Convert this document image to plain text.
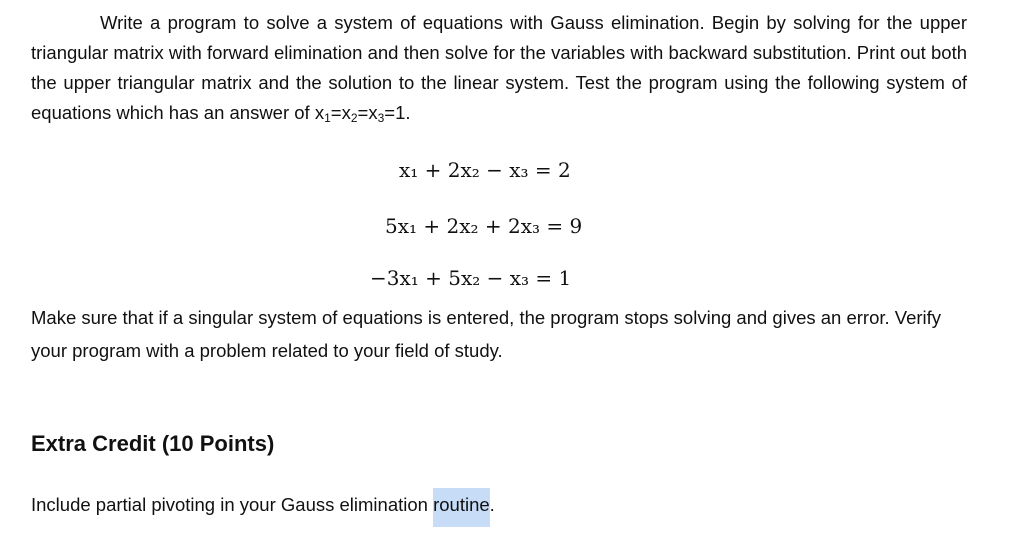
Write a program to solve a system of equations with Gauss elimination. Begin by solving for the upper triangular matrix with forward elimination and then solve for the variables with backward substitution. Print out both the upper triangular matrix and the solution to the linear system. Test the program using the following system of equations which has an answer of $x_1=x_2=x_3=1$.

x₁ + 2x₂ − x₃ = 2
5x₁ + 2x₂ + 2x₃ = 9
−3x₁ + 5x₂ − x₃ = 1

Make sure that if a singular system of equations is entered, the program stops solving and gives an error. Verify your program with a problem related to your field of study.

Extra Credit (10 Points)

Include partial pivoting in your Gauss elimination routine.
